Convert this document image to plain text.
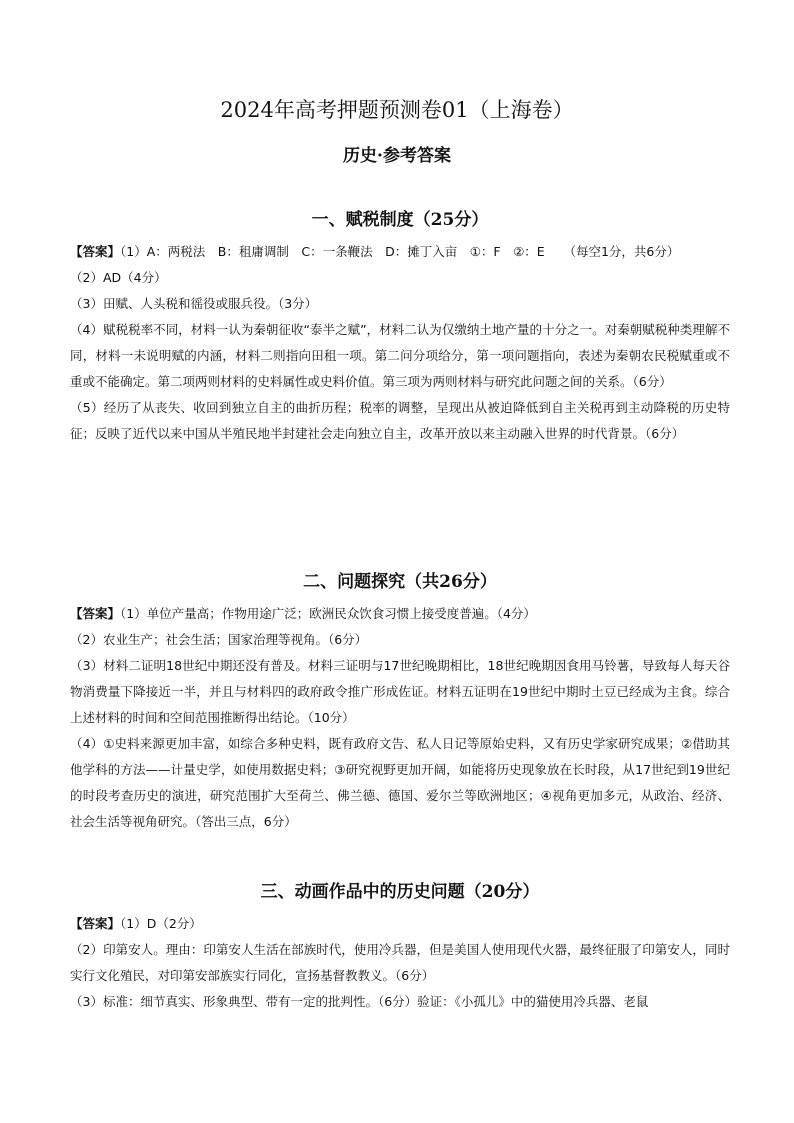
2024年高考押题预测卷01（上海卷）
历史·参考答案
一、赋税制度（25分）

【答案】（1）A：两税法　B：租庸调制　C：一条鞭法　D：摊丁入亩　①：F　②：E　　（每空1分，共6分）

（2）AD（4分）

（3）田赋、人头税和徭役或服兵役。（3分）

（4）赋税税率不同，材料一认为秦朝征收“泰半之赋”，材料二认为仅缴纳土地产量的十分之一。对秦朝赋税种类理解不同，材料一未说明赋的内涵，材料二则指向田租一项。第二问分项给分，第一项问题指向，表述为秦朝农民税赋重或不重或不能确定。第二项两则材料的史料属性或史料价值。第三项为两则材料与研究此问题之间的关系。（6分）

（5）经历了从丧失、收回到独立自主的曲折历程；税率的调整，呈现出从被迫降低到自主关税再到主动降税的历史特征；反映了近代以来中国从半殖民地半封建社会走向独立自主，改革开放以来主动融入世界的时代背景。（6分）

二、问题探究（共26分）

【答案】（1）单位产量高；作物用途广泛；欧洲民众饮食习惯上接受度普遍。（4分）

（2）农业生产；社会生活；国家治理等视角。（6分）

（3）材料二证明18世纪中期还没有普及。材料三证明与17世纪晚期相比，18世纪晚期因食用马铃薯，导致每人每天谷物消费量下降接近一半，并且与材料四的政府政令推广形成佐证。材料五证明在19世纪中期时土豆已经成为主食。综合上述材料的时间和空间范围推断得出结论。（10分）

（4）①史料来源更加丰富，如综合多种史料，既有政府文告、私人日记等原始史料，又有历史学家研究成果；②借助其他学科的方法——计量史学，如使用数据史料；③研究视野更加开阔，如能将历史现象放在长时段，从17世纪到19世纪的时段考查历史的演进，研究范围扩大至荷兰、佛兰德、德国、爱尔兰等欧洲地区；④视角更加多元，从政治、经济、社会生活等视角研究。（答出三点，6分）

三、动画作品中的历史问题（20分）

【答案】（1）D（2分）

（2）印第安人。理由：印第安人生活在部族时代，使用冷兵器，但是美国人使用现代火器，最终征服了印第安人，同时实行文化殖民，对印第安部族实行同化，宣扬基督教教义。（6分）

（3）标准：细节真实、形象典型、带有一定的批判性。（6分）验证：《小孤儿》中的猫使用冷兵器、老鼠
